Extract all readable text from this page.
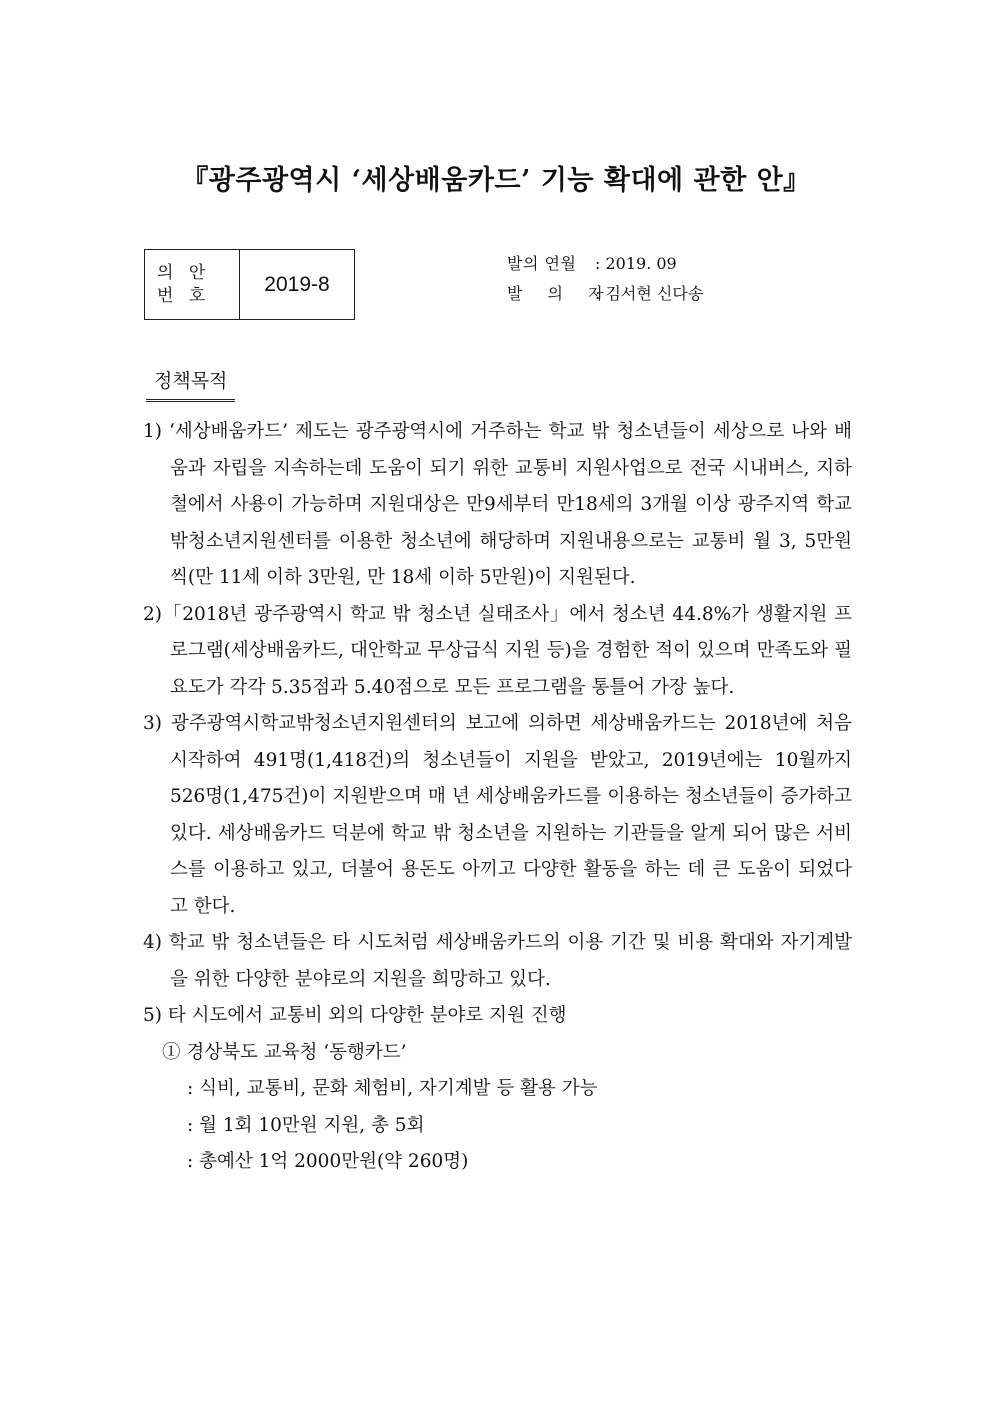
『광주광역시 ‘세상배움카드’ 기능 확대에 관한 안』
의 안
번 호	2019-8
발의 연월 : 2019. 09
발 의 자: 김서현 신다송
정책목적
1) ‘세상배움카드’ 제도는 광주광역시에 거주하는 학교 밖 청소년들이 세상으로 나와 배움과 자립을 지속하는데 도움이 되기 위한 교통비 지원사업으로 전국 시내버스, 지하철에서 사용이 가능하며 지원대상은 만9세부터 만18세의 3개월 이상 광주지역 학교밖청소년지원센터를 이용한 청소년에 해당하며 지원내용으로는 교통비 월 3, 5만원씩(만 11세 이하 3만원, 만 18세 이하 5만원)이 지원된다.
2)「2018년 광주광역시 학교 밖 청소년 실태조사」에서 청소년 44.8%가 생활지원 프로그램(세상배움카드, 대안학교 무상급식 지원 등)을 경험한 적이 있으며 만족도와 필요도가 각각 5.35점과 5.40점으로 모든 프로그램을 통틀어 가장 높다.
3) 광주광역시학교밖청소년지원센터의 보고에 의하면 세상배움카드는 2018년에 처음 시작하여 491명(1,418건)의 청소년들이 지원을 받았고, 2019년에는 10월까지 526명(1,475건)이 지원받으며 매 년 세상배움카드를 이용하는 청소년들이 증가하고 있다. 세상배움카드 덕분에 학교 밖 청소년을 지원하는 기관들을 알게 되어 많은 서비스를 이용하고 있고, 더불어 용돈도 아끼고 다양한 활동을 하는 데 큰 도움이 되었다고 한다.
4) 학교 밖 청소년들은 타 시도처럼 세상배움카드의 이용 기간 및 비용 확대와 자기계발을 위한 다양한 분야로의 지원을 희망하고 있다.
5) 타 시도에서 교통비 외의 다양한 분야로 지원 진행
① 경상북도 교육청 ‘동행카드’
: 식비, 교통비, 문화 체험비, 자기계발 등 활용 가능
: 월 1회 10만원 지원, 총 5회
: 총예산 1억 2000만원(약 260명)
